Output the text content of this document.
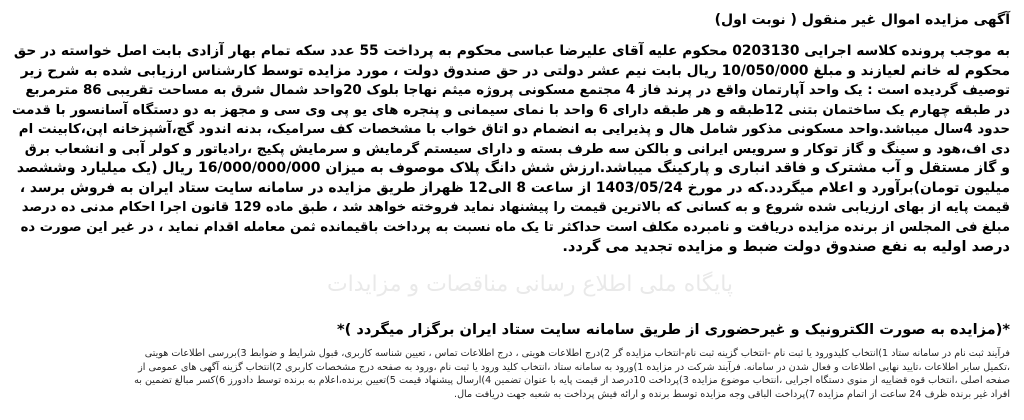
آگهی مزایده اموال غیر منقول ( نوبت اول)
به موجب پرونده کلاسه اجرایی 0203130 محکوم علیه آقای علیرضا عباسی محکوم به پرداخت 55 عدد سکه تمام بهار آزادی بابت اصل خواسته در حق
محکوم له خانم لعیازند و مبلغ 10/050/000 ریال بابت نیم عشر دولتی در حق صندوق دولت ، مورد مزایده توسط کارشناس ارزیابی شده به شرح زیر
توصیف گردیده است : یک واحد آپارتمان واقع در پرند فاز 4 مجتمع مسکونی پروژه میثم نهاجا بلوک 20واحد شمال شرق به مساحت تقریبی 86 مترمربع
در طبقه چهارم یک ساختمان بتنی 12طبقه و هر طبقه دارای 6 واحد با نمای سیمانی و پنجره های یو پی وی سی و مجهز به دو دستگاه آسانسور با قدمت
حدود 4سال میباشد.واحد مسکونی مذکور شامل هال و پذیرایی به انضمام دو اتاق خواب با مشخصات کف سرامیک، بدنه اندود گچ،آشپزخانه اپن،کابینت ام
دی اف،هود و سینگ و گاز توکار و سرویس ایرانی و بالکن سه طرف بسته و دارای سیستم گرمایش و سرمایش پکیج ،رادیاتور و کولر آبی و انشعاب برق
و گاز مستقل و آب مشترک و فاقد انباری و پارکینگ میباشد.ارزش شش دانگ پلاک موصوف به میزان 16/000/000/000 ریال (یک میلیارد وششصد
میلیون تومان)برآورد و اعلام میگردد.که در مورخ 1403/05/24 از ساعت 8 الی12 ظهراز طریق مزایده در سامانه سایت ستاد ایران به فروش برسد ،
قیمت پایه از بهای ارزیابی شده شروع و به کسانی که بالاترین قیمت را پیشنهاد نماید فروخته خواهد شد ، طبق ماده 129 قانون اجرا احکام مدنی ده درصد
مبلغ فی المجلس از برنده مزایده دریافت و نامبرده مکلف است حداکثر تا یک ماه نسبت به پرداخت باقیمانده ثمن معامله اقدام نماید ، در غیر این صورت ده
درصد اولیه به نفع صندوق دولت ضبط و مزایده تجدید می گردد.
پایگاه ملی اطلاع رسانی مناقصات و مزایدات
*(مزایده به صورت الکترونیک و غیرحضوری از طریق سامانه سایت ستاد ایران برگزار میگردد )*
فرآیند ثبت نام در سامانه ستاد 1)انتخاب کلیدورود یا ثبت نام -انتخاب گزینه ثبت نام-انتخاب مزایده گر 2)درج اطلاعات هویتی ، درج اطلاعات تماس ، تعیین شناسه کاربری، قبول شرایط و ضوابط 3)بررسی اطلاعات هویتی
،تکمیل سایر اطلاعات ،تایید نهایی اطلاعات و فعال شدن در سامانه. فرآیند شرکت در مزایده 1)ورود به سامانه ستاد ،انتخاب کلید ورود یا ثبت نام ،ورود به صفحه درج مشخصات کاربری 2)انتخاب گزینه آگهی های عمومی از
صفحه اصلی ،انتخاب قوه قضاییه از منوی دستگاه اجرایی ،انتخاب موضوع مزایده 3)پرداخت 10درصد از قیمت پایه با عنوان تضمین 4)ارسال پیشنهاد قیمت 5)تعیین برنده،اعلام به برنده توسط دادورز 6)کسر مبالغ تضمین به
افراد غیر برنده ظرف 24 ساعت از اتمام مزایده 7)پرداخت الباقی وجه مزایده توسط برنده و ارائه فیش پرداخت به شعبه جهت دریافت مال.
